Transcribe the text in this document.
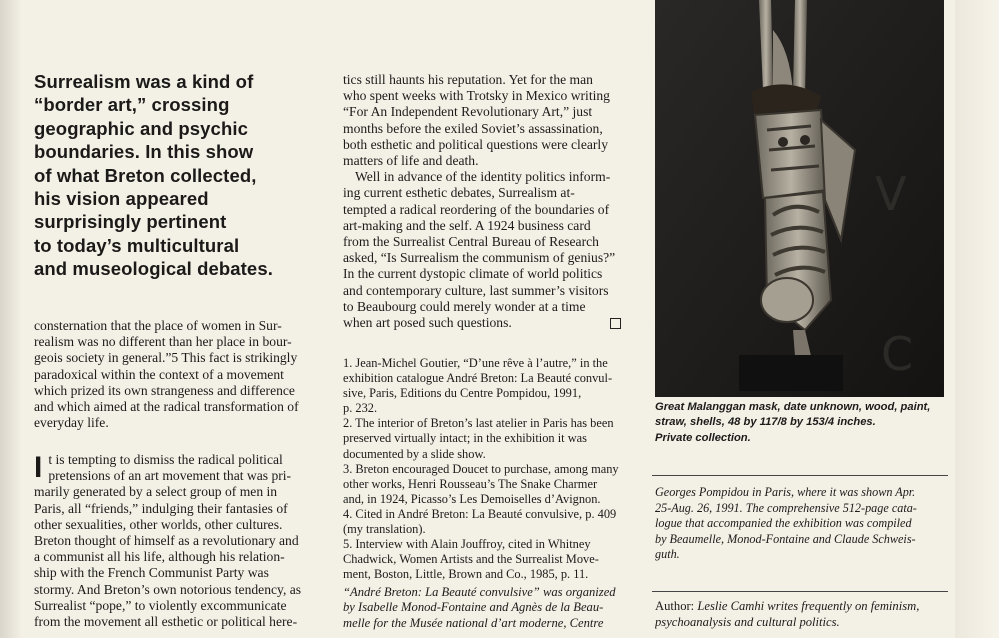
Surrealism was a kind of
“border art,” crossing
geographic and psychic
boundaries. In this show
of what Breton collected,
his vision appeared
surprisingly pertinent
to today’s multicultural
and museological debates.
consternation that the place of women in Sur-
realism was no different than her place in bour-
geois society in general.”5 This fact is strikingly
paradoxical within the context of a movement
which prized its own strangeness and difference
and which aimed at the radical transformation of
everyday life.
I t is tempting to dismiss the radical political
pretensions of an art movement that was pri-
marily generated by a select group of men in
Paris, all “friends,” indulging their fantasies of
other sexualities, other worlds, other cultures.
Breton thought of himself as a revolutionary and
a communist all his life, although his relation-
ship with the French Communist Party was
stormy. And Breton’s own notorious tendency, as
Surrealist “pope,” to violently excommunicate
from the movement all esthetic or political here-
tics still haunts his reputation. Yet for the man
who spent weeks with Trotsky in Mexico writing
“For An Independent Revolutionary Art,” just
months before the exiled Soviet’s assassination,
both esthetic and political questions were clearly
matters of life and death.
Well in advance of the identity politics inform-
ing current esthetic debates, Surrealism at-
tempted a radical reordering of the boundaries of
art-making and the self. A 1924 business card
from the Surrealist Central Bureau of Research
asked, “Is Surrealism the communism of genius?”
In the current dystopic climate of world politics
and contemporary culture, last summer’s visitors
to Beaubourg could merely wonder at a time
when art posed such questions.
1. Jean-Michel Goutier, “D’une rêve à l’autre,” in the
exhibition catalogue André Breton: La Beauté convul-
sive, Paris, Editions du Centre Pompidou, 1991,
p. 232.
2. The interior of Breton’s last atelier in Paris has been
preserved virtually intact; in the exhibition it was
documented by a slide show.
3. Breton encouraged Doucet to purchase, among many
other works, Henri Rousseau’s The Snake Charmer
and, in 1924, Picasso’s Les Demoiselles d’Avignon.
4. Cited in André Breton: La Beauté convulsive, p. 409
(my translation).
5. Interview with Alain Jouffroy, cited in Whitney
Chadwick, Women Artists and the Surrealist Move-
ment, Boston, Little, Brown and Co., 1985, p. 11.
“André Breton: La Beauté convulsive” was organized
by Isabelle Monod-Fontaine and Agnès de la Beau-
melle for the Musée national d’art moderne, Centre
V
C
Great Malanggan mask, date unknown, wood, paint,
straw, shells, 48 by 117/8 by 153/4 inches.
Private collection.
Georges Pompidou in Paris, where it was shown Apr.
25-Aug. 26, 1991. The comprehensive 512-page cata-
logue that accompanied the exhibition was compiled
by Beaumelle, Monod-Fontaine and Claude Schweis-
guth.
Author: Leslie Camhi writes frequently on feminism,
psychoanalysis and cultural politics.
